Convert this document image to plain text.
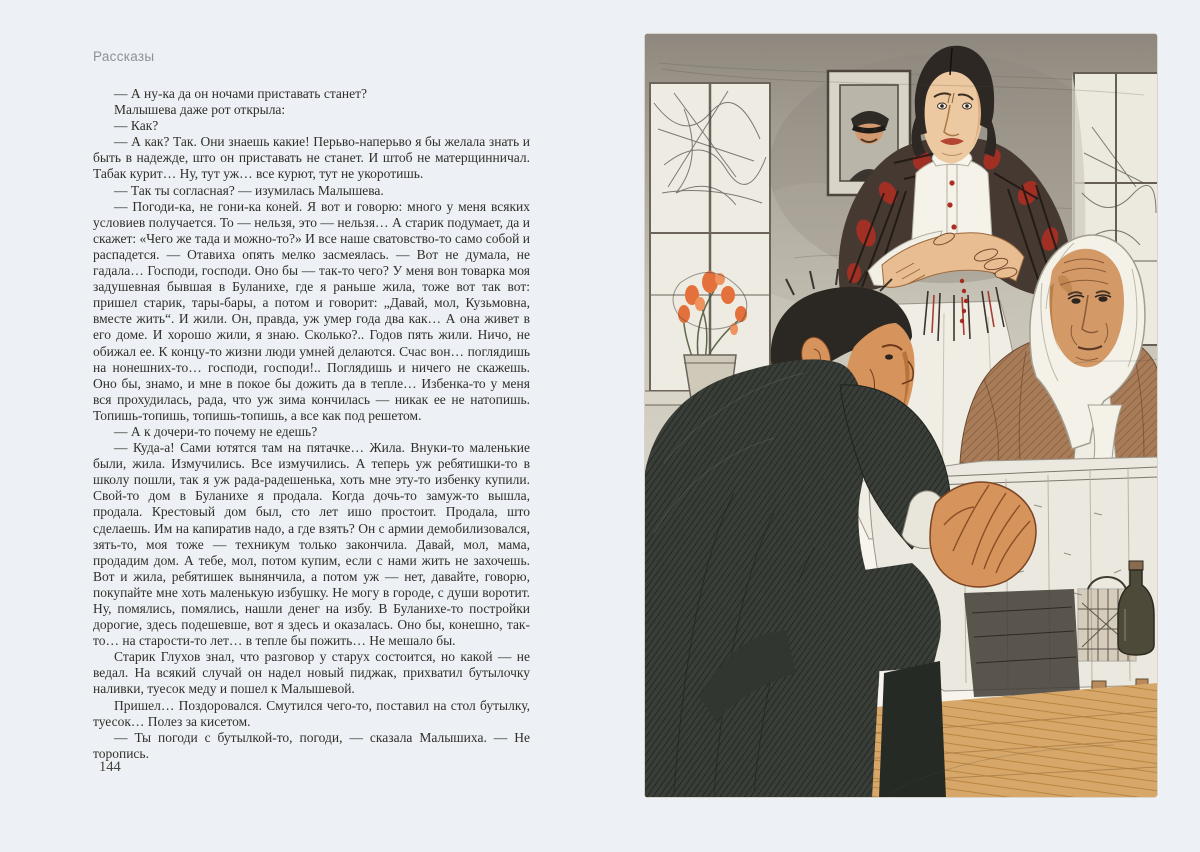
Рассказы

— А ну-ка да он ночами приставать станет?

Малышева даже рот открыла:

— Как?

— А как? Так. Они знаешь какие! Перьво-наперьво я бы желала знать и быть в надежде, што он приставать не станет. И штоб не матерщинничал. Табак курит… Ну, тут уж… все курют, тут не укоротишь.

— Так ты согласная? — изумилась Малышева.

— Погоди-ка, не гони-ка коней. Я вот и говорю: много у меня всяких условиев получается. То — нельзя, это — нельзя… А старик подумает, да и скажет: «Чего же тада и можно-то?» И все наше сватовство-то само собой и распадется. — Отавиха опять мелко засмеялась. — Вот не думала, не гадала… Господи, господи. Оно бы — так-то чего? У меня вон товарка моя задушевная бывшая в Буланихе, где я раньше жила, тоже вот так вот: пришел старик, тары-бары, а потом и говорит: „Давай, мол, Кузьмовна, вместе жить“. И жили. Он, правда, уж умер года два как… А она живет в его доме. И хорошо жили, я знаю. Сколько?.. Годов пять жили. Ничо, не обижал ее. К концу-то жизни люди умней делаются. Счас вон… поглядишь на нонешних-то… господи, господи!.. Поглядишь и ничего не скажешь. Оно бы, знамо, и мне в покое бы дожить да в тепле… Избенка-то у меня вся прохудилась, рада, что уж зима кончилась — никак ее не натопишь. Топишь-топишь, топишь-топишь, а все как под решетом.

— А к дочери-то почему не едешь?

— Куда-а! Сами ютятся там на пятачке… Жила. Внуки-то маленькие были, жила. Измучились. Все измучились. А теперь уж ребятишки-то в школу пошли, так я уж рада-радешенька, хоть мне эту-то избенку купили. Свой-то дом в Буланихе я продала. Когда дочь-то замуж-то вышла, продала. Крестовый дом был, сто лет ишо простоит. Продала, што сделаешь. Им на капиратив надо, а где взять? Он с армии демобилизовался, зять-то, моя тоже — техникум только закончила. Давай, мол, мама, продадим дом. А тебе, мол, потом купим, если с нами жить не захочешь. Вот и жила, ребятишек вынянчила, а потом уж — нет, давайте, говорю, покупайте мне хоть маленькую избушку. Не могу в городе, с души воротит. Ну, помялись, помялись, нашли денег на избу. В Буланихе-то постройки дорогие, здесь подешевше, вот я здесь и оказалась. Оно бы, конешно, так-то… на старости-то лет… в тепле бы пожить… Не мешало бы.

Старик Глухов знал, что разговор у старух состоится, но какой — не ведал. На всякий случай он надел новый пиджак, прихватил бутылочку наливки, туесок меду и пошел к Малышевой.

Пришел… Поздоровался. Смутился чего-то, поставил на стол бутылку, туесок… Полез за кисетом.

— Ты погоди с бутылкой-то, погоди, — сказала Малышиха. — Не торопись.

144
